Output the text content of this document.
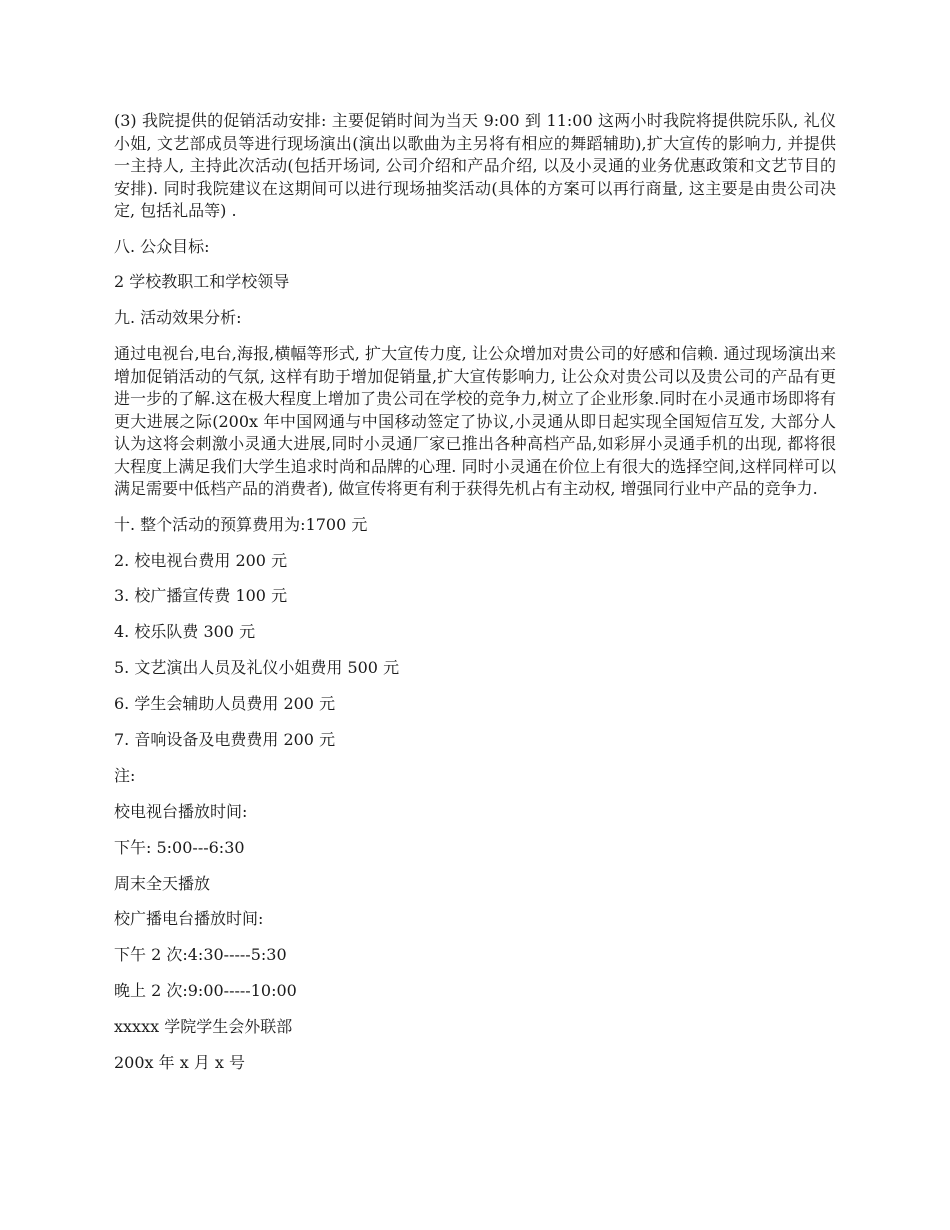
(3) 我院提供的促销活动安排: 主要促销时间为当天 9:00 到 11:00 这两小时我院将提供院乐队, 礼仪小姐, 文艺部成员等进行现场演出(演出以歌曲为主另将有相应的舞蹈辅助),扩大宣传的影响力, 并提供一主持人, 主持此次活动(包括开场词, 公司介绍和产品介绍, 以及小灵通的业务优惠政策和文艺节目的安排). 同时我院建议在这期间可以进行现场抽奖活动(具体的方案可以再行商量, 这主要是由贵公司决定, 包括礼品等) .

八. 公众目标:

2 学校教职工和学校领导

九. 活动效果分析:

通过电视台,电台,海报,横幅等形式, 扩大宣传力度, 让公众增加对贵公司的好感和信赖. 通过现场演出来增加促销活动的气氛, 这样有助于增加促销量,扩大宣传影响力, 让公众对贵公司以及贵公司的产品有更进一步的了解.这在极大程度上增加了贵公司在学校的竞争力,树立了企业形象.同时在小灵通市场即将有更大进展之际(200x 年中国网通与中国移动签定了协议,小灵通从即日起实现全国短信互发, 大部分人认为这将会刺激小灵通大进展,同时小灵通厂家已推出各种高档产品,如彩屏小灵通手机的出现, 都将很大程度上满足我们大学生追求时尚和品牌的心理. 同时小灵通在价位上有很大的选择空间,这样同样可以满足需要中低档产品的消费者), 做宣传将更有利于获得先机占有主动权, 增强同行业中产品的竞争力.

十. 整个活动的预算费用为:1700 元

2. 校电视台费用 200 元

3. 校广播宣传费 100 元

4. 校乐队费 300 元

5. 文艺演出人员及礼仪小姐费用 500 元

6. 学生会辅助人员费用 200 元

7. 音响设备及电费费用 200 元

注:

校电视台播放时间:

下午: 5:00---6:30

周末全天播放

校广播电台播放时间:

下午 2 次:4:30-----5:30

晚上 2 次:9:00-----10:00

xxxxx 学院学生会外联部

200x 年 x 月 x 号
